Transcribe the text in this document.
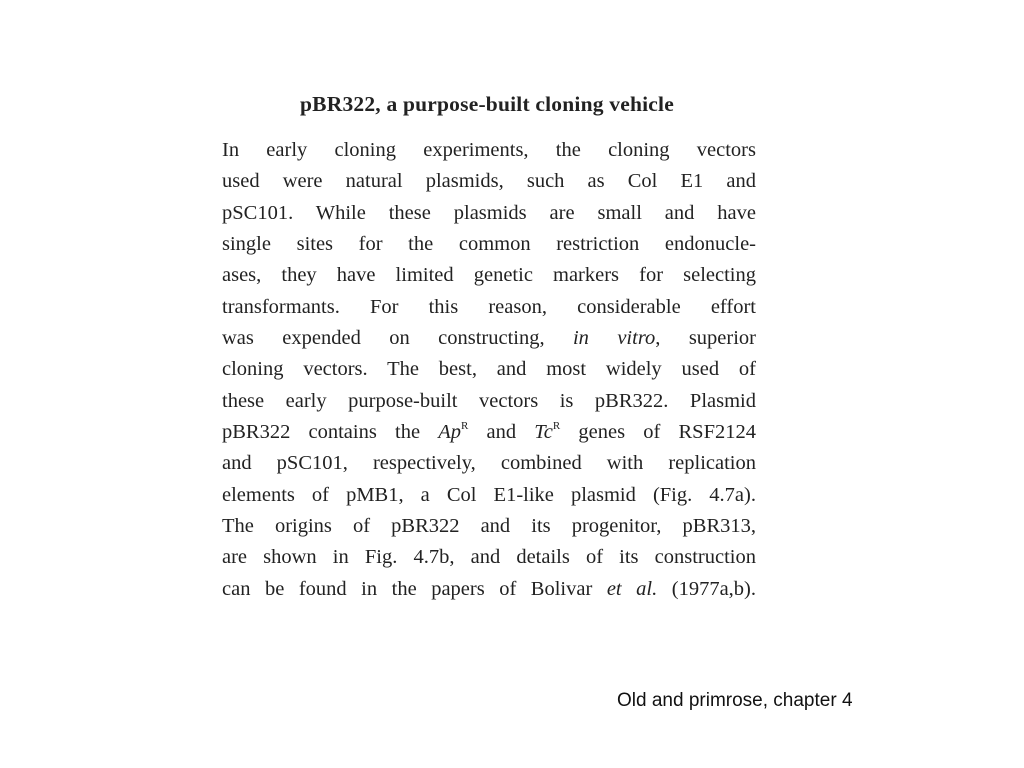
pBR322, a purpose-built cloning vehicle
In early cloning experiments, the cloning vectors
used were natural plasmids, such as Col E1 and
pSC101. While these plasmids are small and have
single sites for the common restriction endonucle-
ases, they have limited genetic markers for selecting
transformants. For this reason, considerable effort
was expended on constructing, in vitro, superior
cloning vectors. The best, and most widely used of
these early purpose-built vectors is pBR322. Plasmid
pBR322 contains the $Ap^R$ and $Tc^R$ genes of RSF2124
and pSC101, respectively, combined with replication
elements of pMB1, a Col E1-like plasmid (Fig. 4.7a).
The origins of pBR322 and its progenitor, pBR313,
are shown in Fig. 4.7b, and details of its construction
can be found in the papers of Bolivar et al. (1977a,b).
Old and primrose, chapter 4
